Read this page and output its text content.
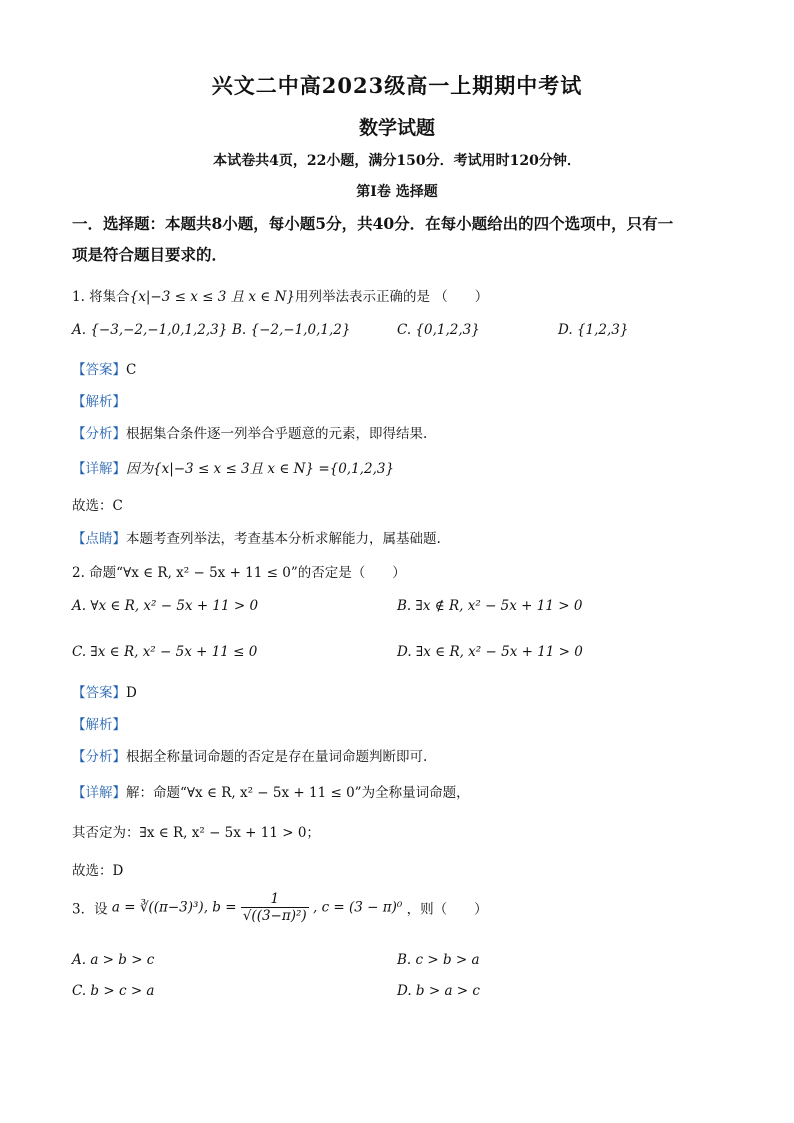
兴文二中高2023级高一上期期中考试
数学试题
本试卷共4页，22小题，满分150分．考试用时120分钟．
第I卷 选择题
一．选择题：本题共8小题，每小题5分，共40分．在每小题给出的四个选项中，只有一
项是符合题目要求的．
1. 将集合{x|−3 ≤ x ≤ 3 且 x ∈ N}用列举法表示正确的是 （　　）
A. {−3,−2,−1,0,1,2,3} B. {−2,−1,0,1,2}	C. {0,1,2,3}	D. {1,2,3}
【答案】C
【解析】
【分析】根据集合条件逐一列举合乎题意的元素，即得结果.
【详解】因为{x|−3 ≤ x ≤ 3且 x ∈ N} ={0,1,2,3}
故选：C
【点睛】本题考查列举法，考查基本分析求解能力，属基础题.
2. 命题“∀x ∈ R, x² − 5x + 11 ≤ 0”的否定是（　　）
A. ∀x ∈ R, x² − 5x + 11 > 0	B. ∃x ∉ R, x² − 5x + 11 > 0
C. ∃x ∈ R, x² − 5x + 11 ≤ 0	D. ∃x ∈ R, x² − 5x + 11 > 0
【答案】D
【解析】
【分析】根据全称量词命题的否定是存在量词命题判断即可.
【详解】解：命题“∀x ∈ R, x² − 5x + 11 ≤ 0”为全称量词命题，
其否定为：∃x ∈ R, x² − 5x + 11 > 0；
故选：D
3．设 a = ∛((π−3)³), $b = \frac{1}{\text{√((3−π)²)}}$ , c = (3 − π)⁰ ，则（　　）
A. a > b > c	B. c > b > a
C. b > c > a	D. b > a > c
